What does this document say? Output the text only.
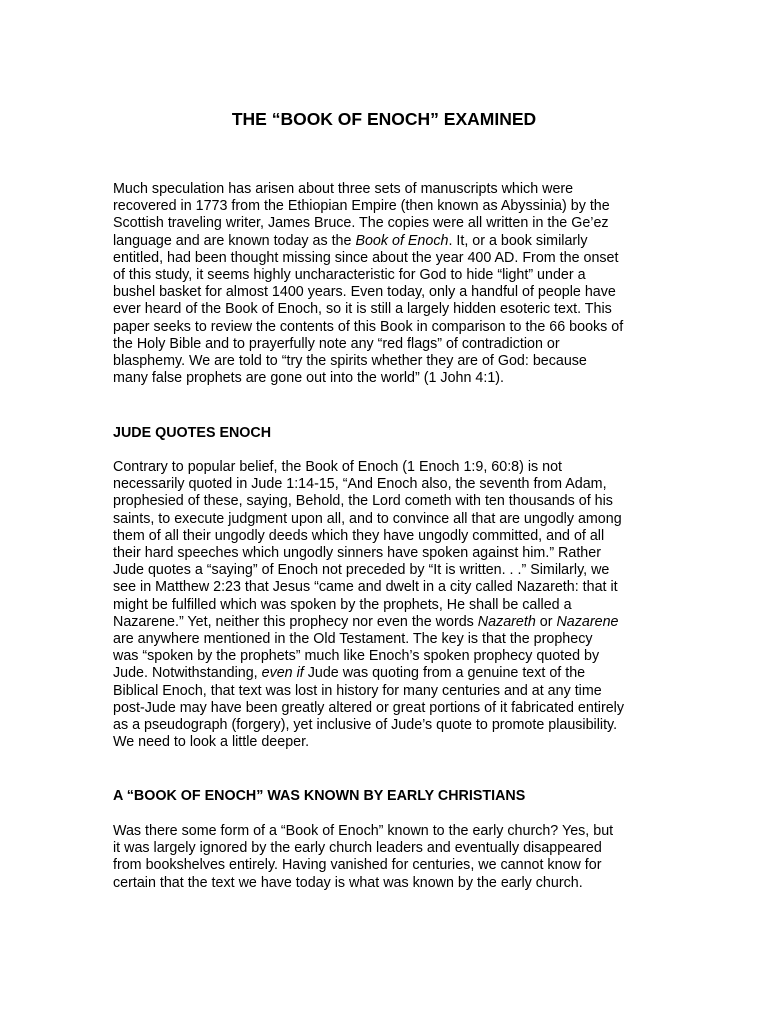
THE “BOOK OF ENOCH” EXAMINED
Much speculation has arisen about three sets of manuscripts which were
recovered in 1773 from the Ethiopian Empire (then known as Abyssinia) by the
Scottish traveling writer, James Bruce. The copies were all written in the Ge’ez
language and are known today as the Book of Enoch. It, or a book similarly
entitled, had been thought missing since about the year 400 AD. From the onset
of this study, it seems highly uncharacteristic for God to hide “light” under a
bushel basket for almost 1400 years. Even today, only a handful of people have
ever heard of the Book of Enoch, so it is still a largely hidden esoteric text. This
paper seeks to review the contents of this Book in comparison to the 66 books of
the Holy Bible and to prayerfully note any “red flags” of contradiction or
blasphemy. We are told to “try the spirits whether they are of God: because
many false prophets are gone out into the world” (1 John 4:1).
JUDE QUOTES ENOCH
Contrary to popular belief, the Book of Enoch (1 Enoch 1:9, 60:8) is not
necessarily quoted in Jude 1:14-15, “And Enoch also, the seventh from Adam,
prophesied of these, saying, Behold, the Lord cometh with ten thousands of his
saints, to execute judgment upon all, and to convince all that are ungodly among
them of all their ungodly deeds which they have ungodly committed, and of all
their hard speeches which ungodly sinners have spoken against him.” Rather
Jude quotes a “saying” of Enoch not preceded by “It is written. . .” Similarly, we
see in Matthew 2:23 that Jesus “came and dwelt in a city called Nazareth: that it
might be fulfilled which was spoken by the prophets, He shall be called a
Nazarene.” Yet, neither this prophecy nor even the words Nazareth or Nazarene
are anywhere mentioned in the Old Testament. The key is that the prophecy
was “spoken by the prophets” much like Enoch’s spoken prophecy quoted by
Jude. Notwithstanding, even if Jude was quoting from a genuine text of the
Biblical Enoch, that text was lost in history for many centuries and at any time
post-Jude may have been greatly altered or great portions of it fabricated entirely
as a pseudograph (forgery), yet inclusive of Jude’s quote to promote plausibility.
We need to look a little deeper.
A “BOOK OF ENOCH” WAS KNOWN BY EARLY CHRISTIANS
Was there some form of a “Book of Enoch” known to the early church? Yes, but
it was largely ignored by the early church leaders and eventually disappeared
from bookshelves entirely. Having vanished for centuries, we cannot know for
certain that the text we have today is what was known by the early church.
